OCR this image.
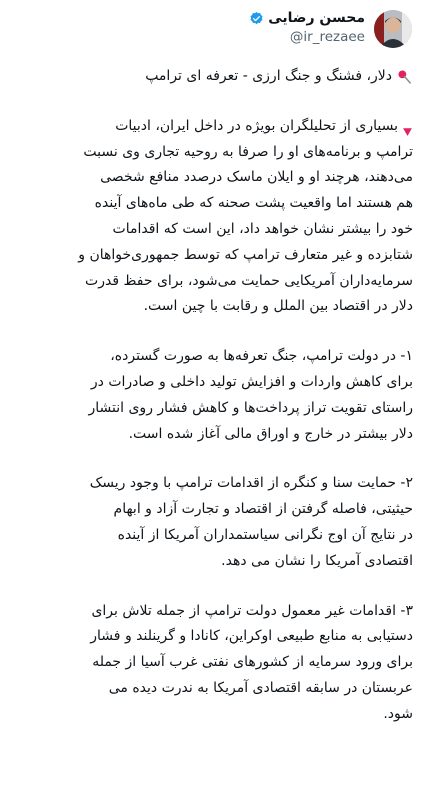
محسن رضایی
@ir_rezaee
دلار، فشنگ و جنگ ارزی - تعرفه ای ترامپ
بسیاری از تحلیلگران بویژه در داخل ایران، ادبیات
ترامپ و برنامه‌های او را صرفا به روحیه تجاری وی نسبت
می‌دهند، هرچند او و ایلان ماسک درصدد منافع شخصی
هم هستند اما واقعیت پشت صحنه که طی ماه‌های آینده
خود را بیشتر نشان خواهد داد، این است که اقدامات
شتابزده و غیر متعارف ترامپ که توسط جمهوری‌خواهان و
سرمایه‌داران آمریکایی حمایت می‌شود، برای حفظ قدرت
دلار در اقتصاد بین الملل و رقابت با چین است.
۱- در دولت ترامپ، جنگ تعرفه‌ها به صورت گسترده،
برای کاهش واردات و افزایش تولید داخلی و صادرات در
راستای تقویت تراز پرداخت‌ها و کاهش فشار روی انتشار
دلار بیشتر در خارج و اوراق مالی آغاز شده است.
۲- حمایت سنا و کنگره از اقدامات ترامپ با وجود ریسک
حیثیتی، فاصله گرفتن از اقتصاد و تجارت آزاد و ابهام
در نتایج آن اوج نگرانی سیاستمداران آمریکا از آینده
اقتصادی آمریکا را نشان می دهد.
۳- اقدامات غیر معمول دولت ترامپ از جمله تلاش برای
دستیابی به منابع طبیعی اوکراین، کانادا و گرینلند و فشار
برای ورود سرمایه از کشورهای نفتی غرب آسیا از جمله
عربستان در سابقه اقتصادی آمریکا به ندرت دیده می
شود.
